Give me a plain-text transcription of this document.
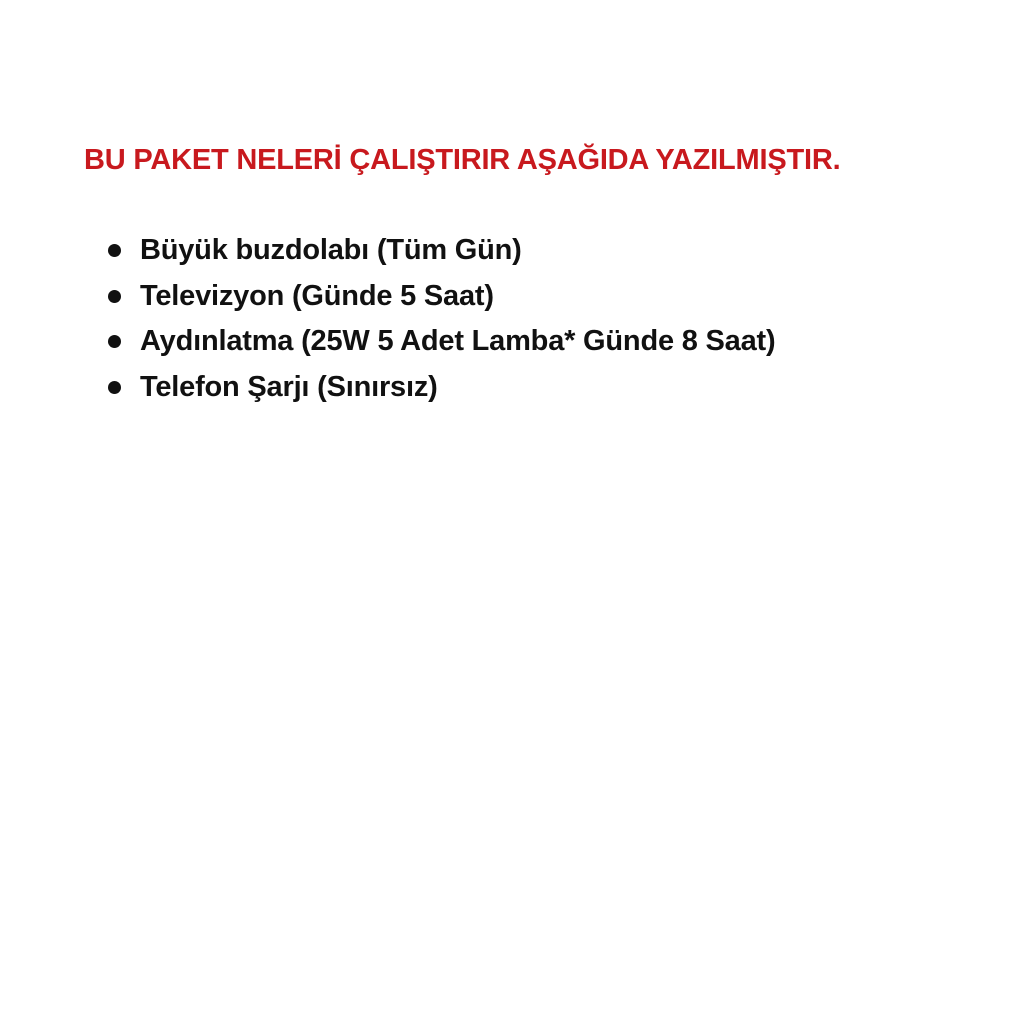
BU PAKET NELERİ ÇALIŞTIRIR AŞAĞIDA YAZILMIŞTIR.
Büyük buzdolabı (Tüm Gün)
Televizyon (Günde 5 Saat)
Aydınlatma (25W 5 Adet Lamba* Günde 8 Saat)
Telefon Şarjı (Sınırsız)
